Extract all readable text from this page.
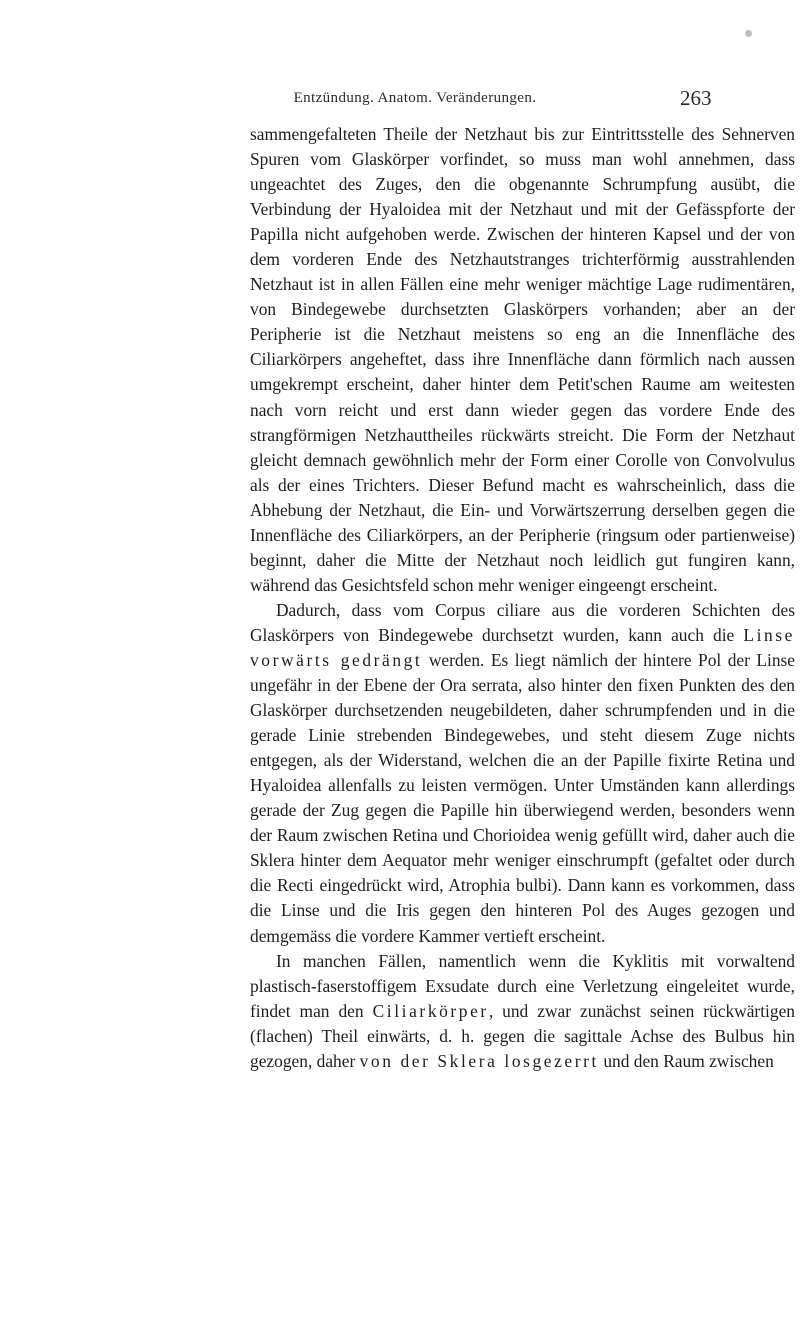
Entzündung. Anatom. Veränderungen.	263

sammengefalteten Theile der Netzhaut bis zur Eintrittsstelle des Sehnerven Spuren vom Glaskörper vorfindet, so muss man wohl annehmen, dass ungeachtet des Zuges, den die obgenannte Schrumpfung ausübt, die Verbindung der Hyaloidea mit der Netzhaut und mit der Gefässpforte der Papilla nicht aufgehoben werde. Zwischen der hinteren Kapsel und der von dem vorderen Ende des Netzhautstranges trichterförmig ausstrahlenden Netzhaut ist in allen Fällen eine mehr weniger mächtige Lage rudimentären, von Bindegewebe durchsetzten Glaskörpers vorhanden; aber an der Peripherie ist die Netzhaut meistens so eng an die Innenfläche des Ciliarkörpers angeheftet, dass ihre Innenfläche dann förmlich nach aussen umgekrempt erscheint, daher hinter dem Petit'schen Raume am weitesten nach vorn reicht und erst dann wieder gegen das vordere Ende des strangförmigen Netzhauttheiles rückwärts streicht. Die Form der Netzhaut gleicht demnach gewöhnlich mehr der Form einer Corolle von Convolvulus als der eines Trichters. Dieser Befund macht es wahrscheinlich, dass die Abhebung der Netzhaut, die Ein- und Vorwärtszerrung derselben gegen die Innenfläche des Ciliarkörpers, an der Peripherie (ringsum oder partienweise) beginnt, daher die Mitte der Netzhaut noch leidlich gut fungiren kann, während das Gesichtsfeld schon mehr weniger eingeengt erscheint.

Dadurch, dass vom Corpus ciliare aus die vorderen Schichten des Glaskörpers von Bindegewebe durchsetzt wurden, kann auch die Linse vorwärts gedrängt werden. Es liegt nämlich der hintere Pol der Linse ungefähr in der Ebene der Ora serrata, also hinter den fixen Punkten des den Glaskörper durchsetzenden neugebildeten, daher schrumpfenden und in die gerade Linie strebenden Bindegewebes, und steht diesem Zuge nichts entgegen, als der Widerstand, welchen die an der Papille fixirte Retina und Hyaloidea allenfalls zu leisten vermögen. Unter Umständen kann allerdings gerade der Zug gegen die Papille hin überwiegend werden, besonders wenn der Raum zwischen Retina und Chorioidea wenig gefüllt wird, daher auch die Sklera hinter dem Aequator mehr weniger einschrumpft (gefaltet oder durch die Recti eingedrückt wird, Atrophia bulbi). Dann kann es vorkommen, dass die Linse und die Iris gegen den hinteren Pol des Auges gezogen und demgemäss die vordere Kammer vertieft erscheint.

In manchen Fällen, namentlich wenn die Kyklitis mit vorwaltend plastisch-faserstoffigem Exsudate durch eine Verletzung eingeleitet wurde, findet man den Ciliarkörper, und zwar zunächst seinen rückwärtigen (flachen) Theil einwärts, d. h. gegen die sagittale Achse des Bulbus hin gezogen, daher von der Sklera losgezerrt und den Raum zwischen
